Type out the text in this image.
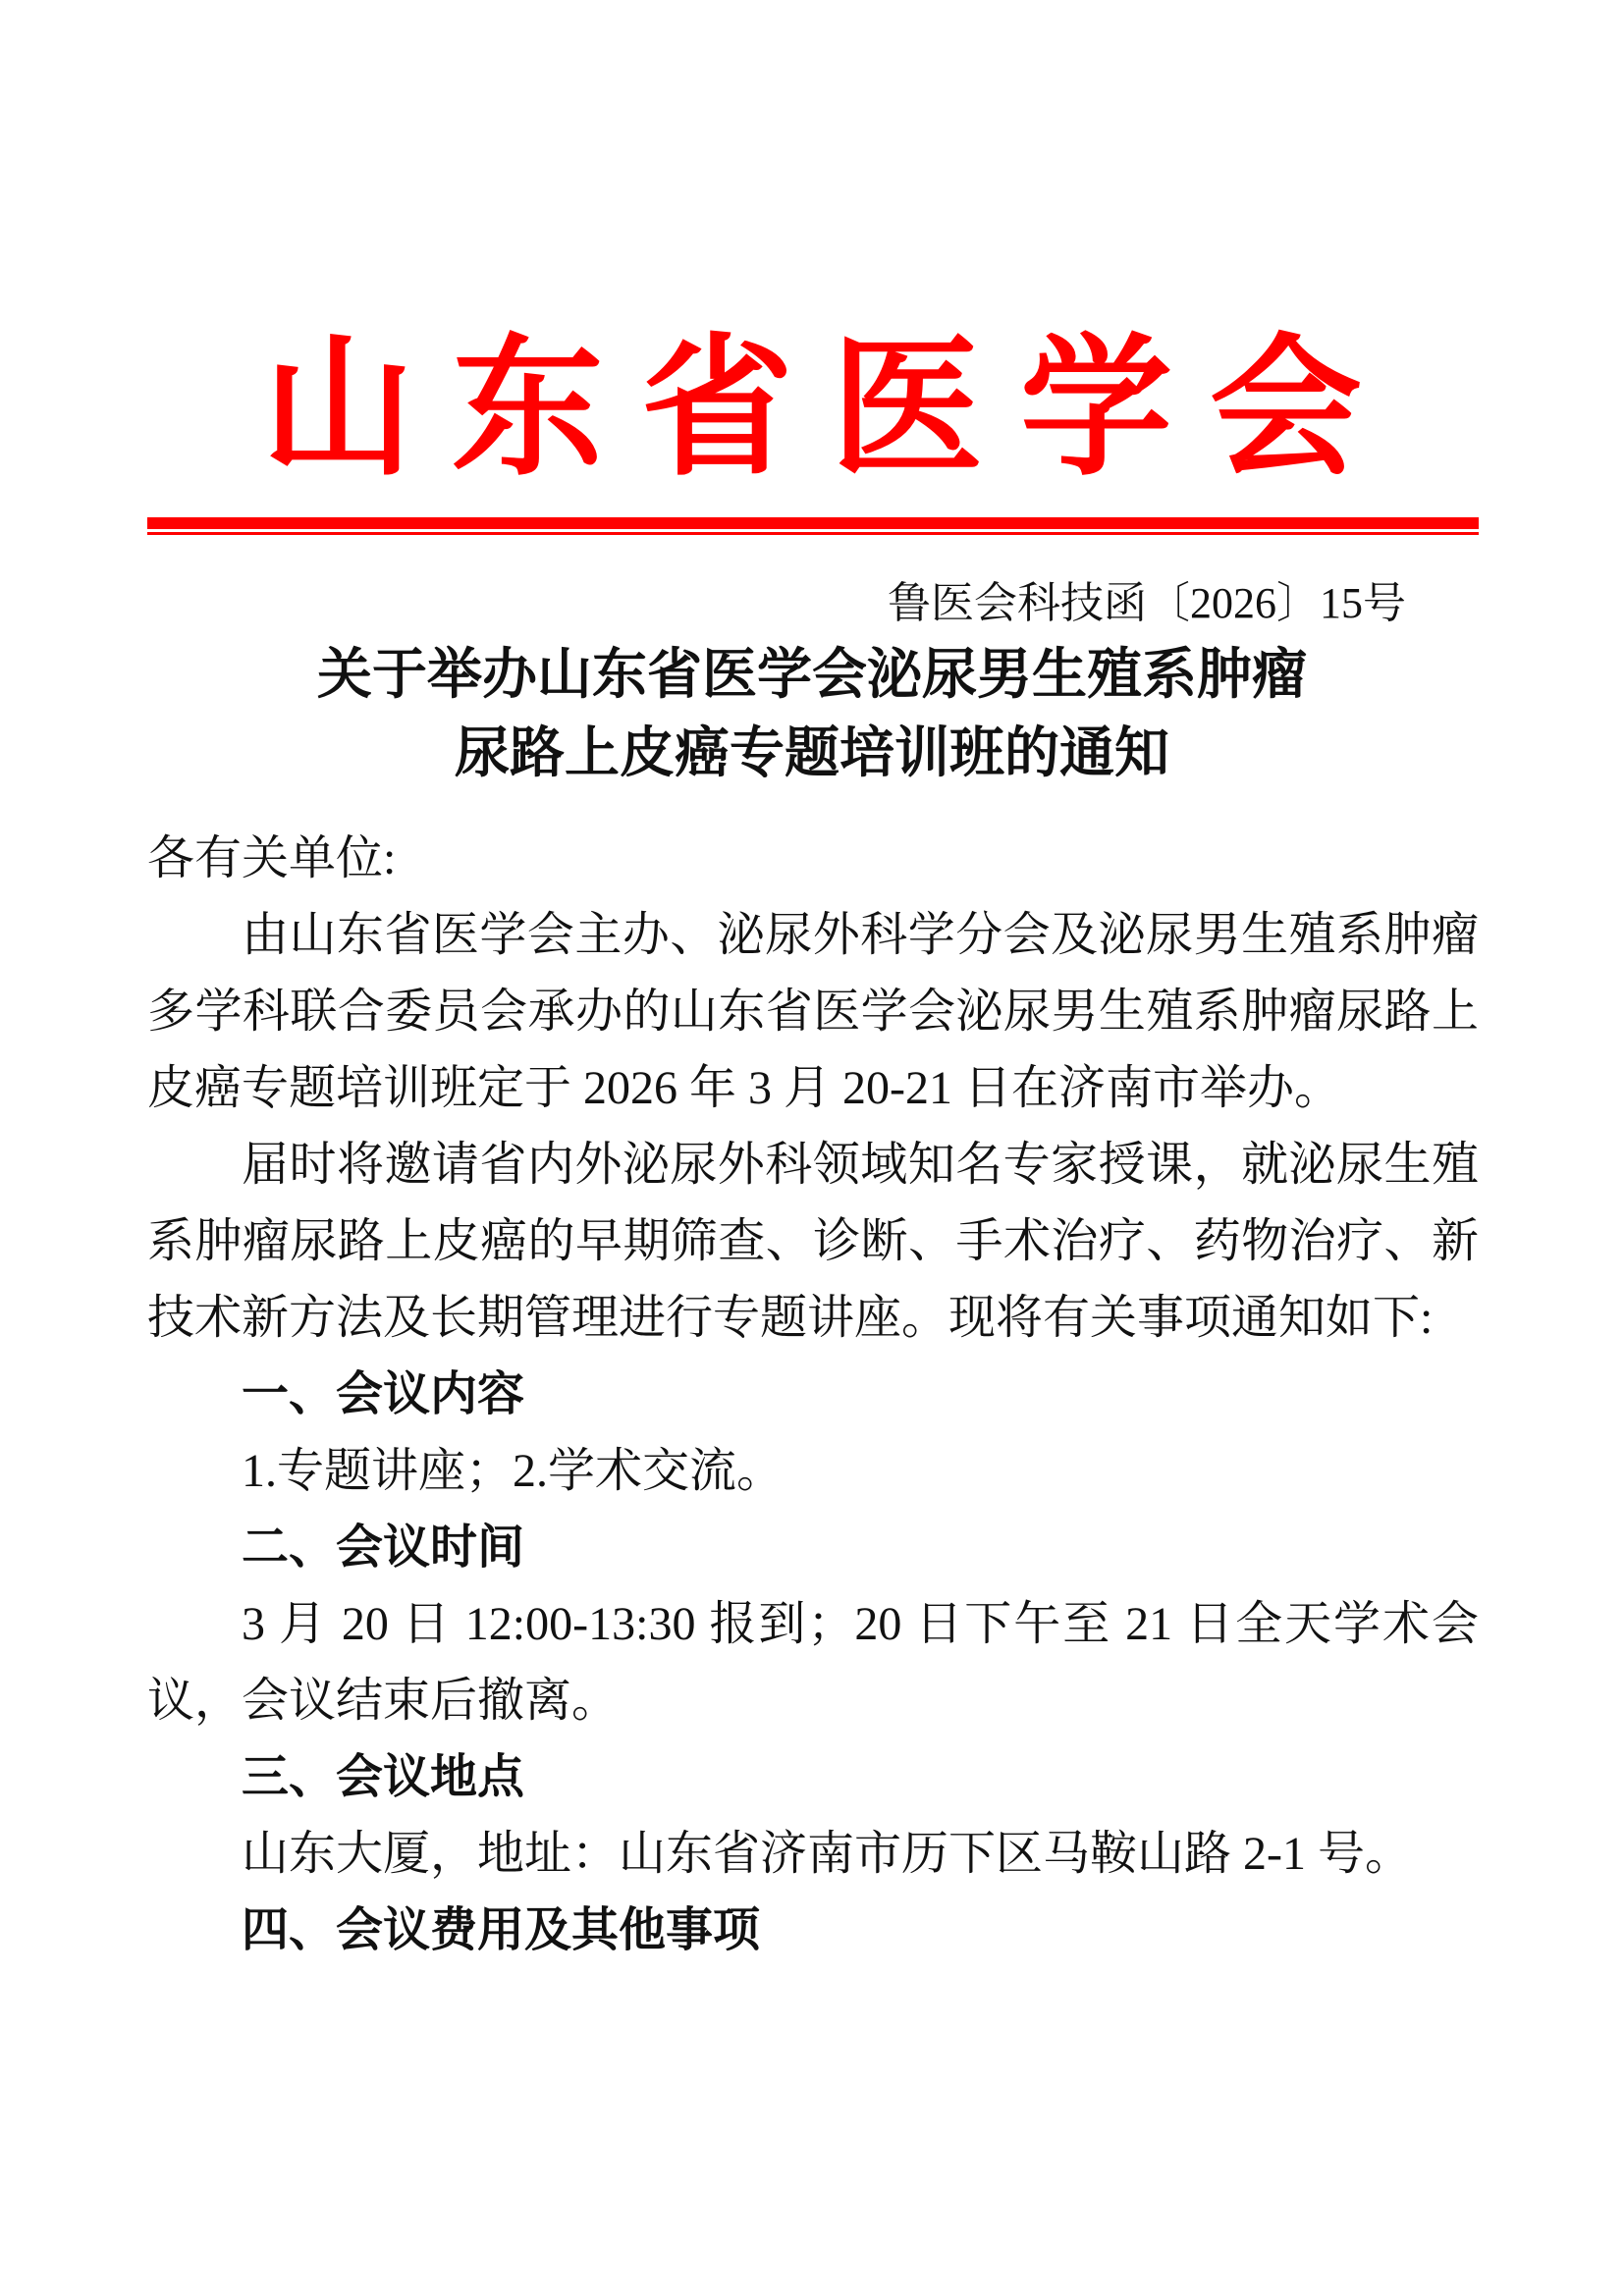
山东省医学会
鲁医会科技函〔2026〕15号
关于举办山东省医学会泌尿男生殖系肿瘤
尿路上皮癌专题培训班的通知
各有关单位:
由山东省医学会主办、泌尿外科学分会及泌尿男生殖系肿瘤多学科联合委员会承办的山东省医学会泌尿男生殖系肿瘤尿路上皮癌专题培训班定于 2026 年 3 月 20-21 日在济南市举办。
届时将邀请省内外泌尿外科领域知名专家授课，就泌尿生殖系肿瘤尿路上皮癌的早期筛查、诊断、手术治疗、药物治疗、新技术新方法及长期管理进行专题讲座。现将有关事项通知如下:
一、会议内容
1.专题讲座；2.学术交流。
二、会议时间
3 月 20 日 12:00-13:30 报到；20 日下午至 21 日全天学术会议，会议结束后撤离。
三、会议地点
山东大厦，地址：山东省济南市历下区马鞍山路 2-1 号。
四、会议费用及其他事项
